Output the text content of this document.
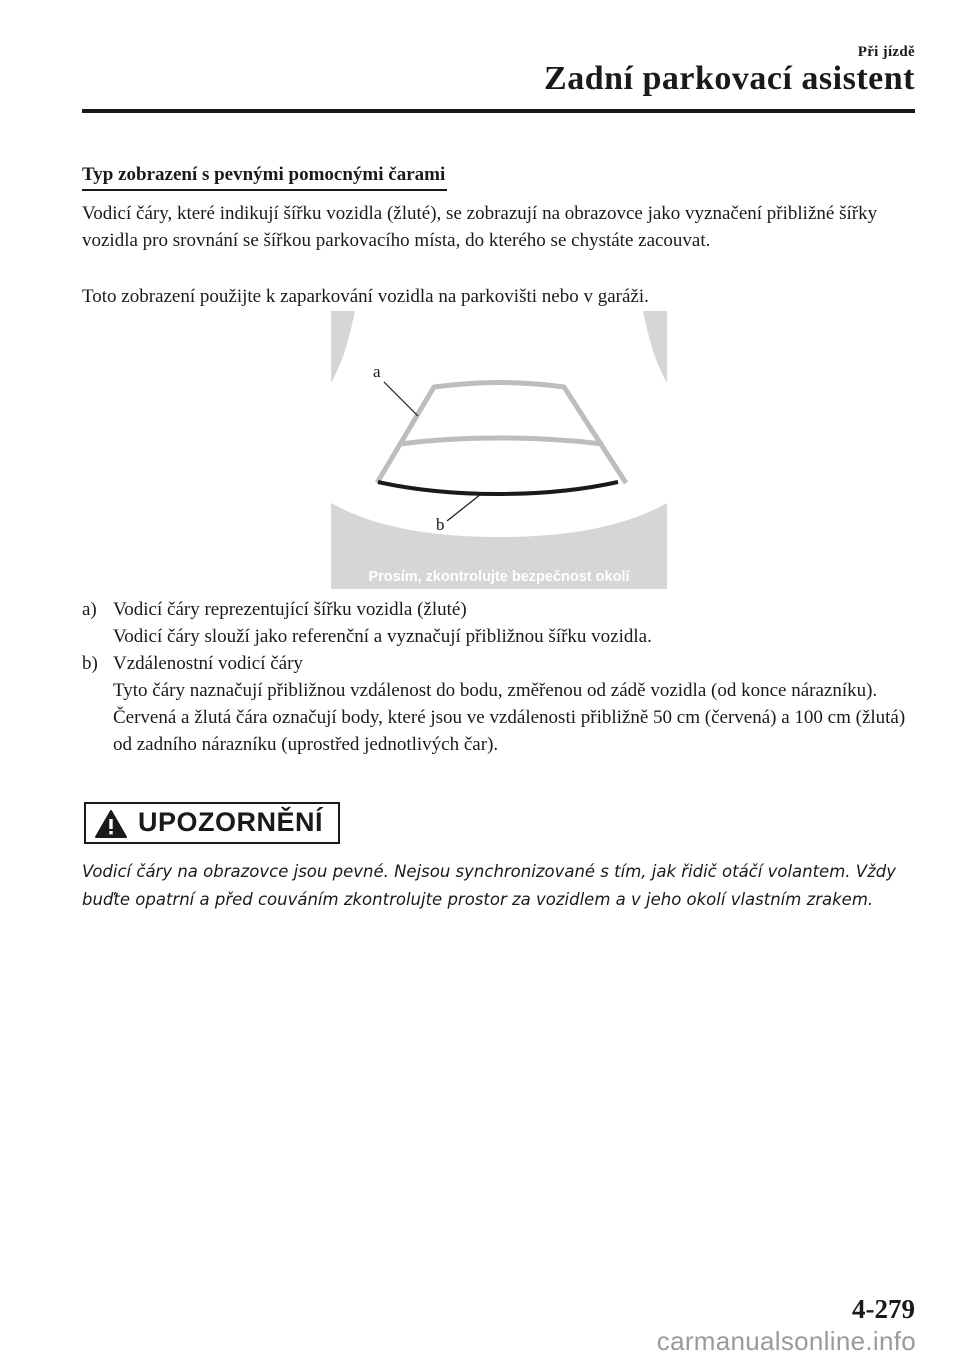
Při jízdě
Zadní parkovací asistent
Typ zobrazení s pevnými pomocnými čarami
Vodicí čáry, které indikují šířku vozidla (žluté), se zobrazují na obrazovce jako vyznačení přibližné šířky vozidla pro srovnání se šířkou parkovacího místa, do kterého se chystáte zacouvat.
Toto zobrazení použijte k zaparkování vozidla na parkovišti nebo v garáži.
a
b
Prosím, zkontrolujte bezpečnost okolí
a) Vodicí čáry reprezentující šířku vozidla (žluté)
Vodicí čáry slouží jako referenční a vyznačují přibližnou šířku vozidla.
b) Vzdálenostní vodicí čáry
Tyto čáry naznačují přibližnou vzdálenost do bodu, změřenou od zádě vozidla (od konce nárazníku).
Červená a žlutá čára označují body, které jsou ve vzdálenosti přibližně 50 cm (červená) a 100 cm (žlutá) od zadního nárazníku (uprostřed jednotlivých čar).
UPOZORNĚNÍ
Vodicí čáry na obrazovce jsou pevné. Nejsou synchronizované s tím, jak řidič otáčí volantem. Vždy buďte opatrní a před couváním zkontrolujte prostor za vozidlem a v jeho okolí vlastním zrakem.
4-279
carmanualsonline.info
